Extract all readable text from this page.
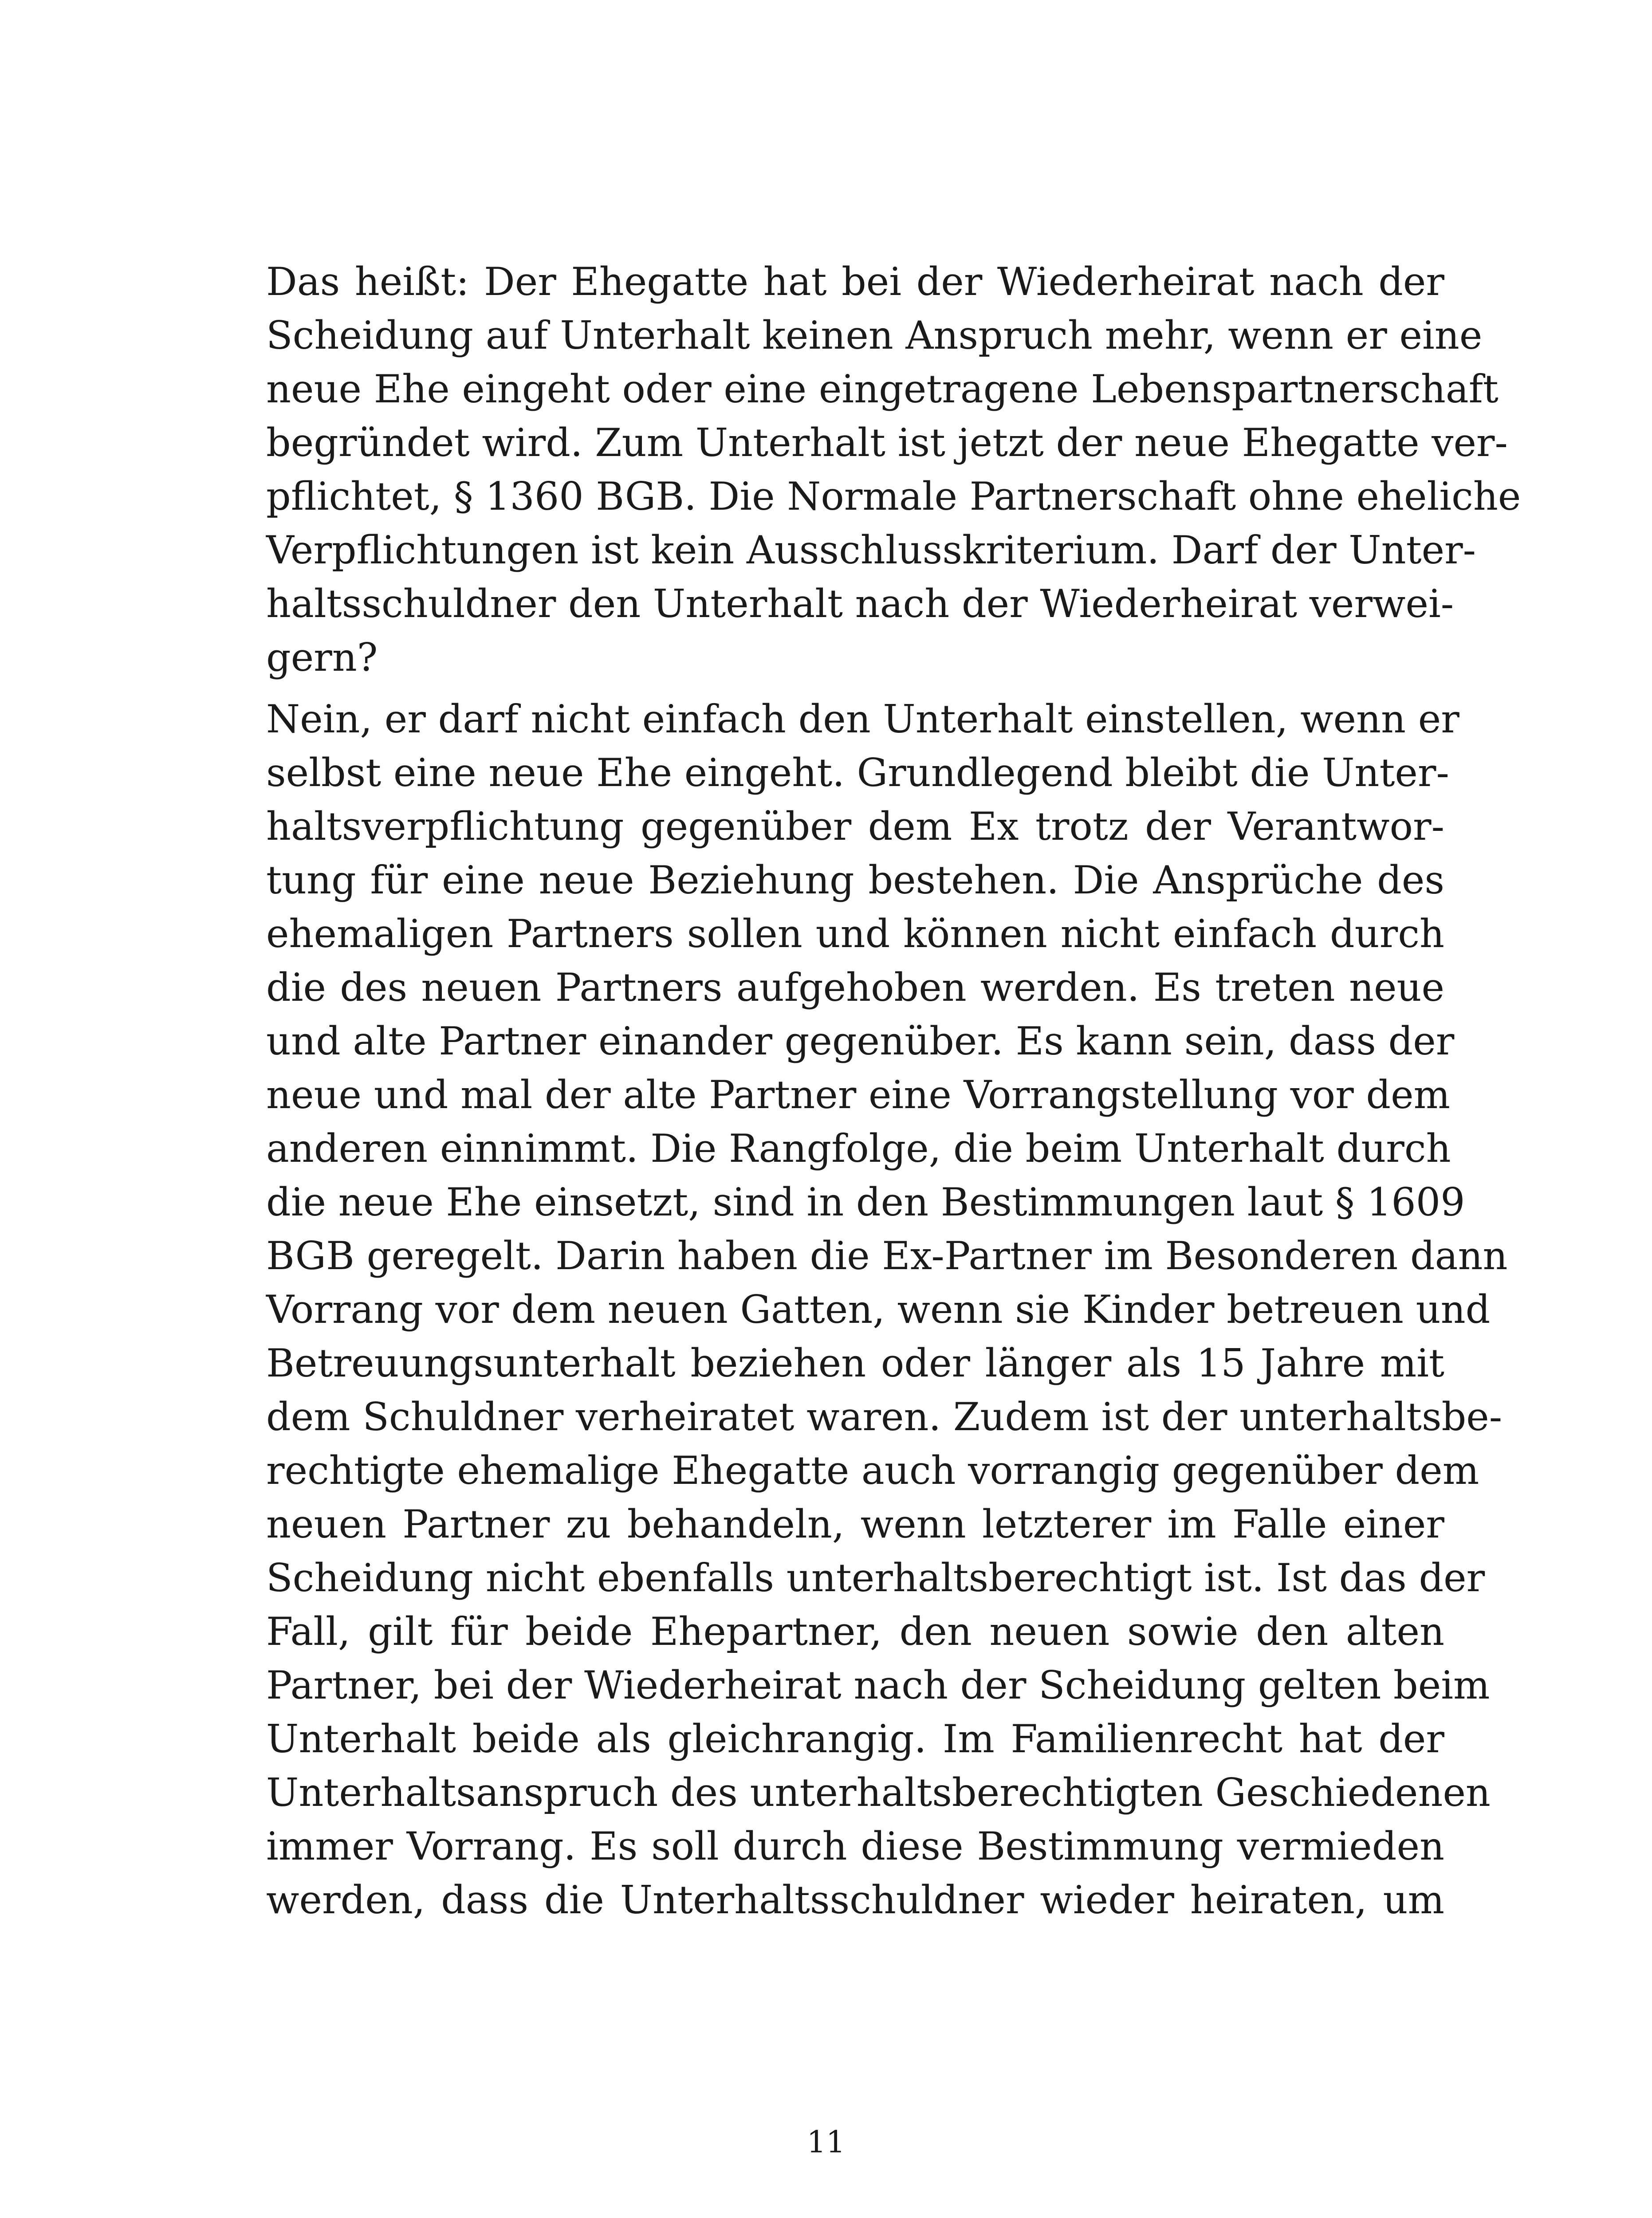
Das heißt: Der Ehegatte hat bei der Wiederheirat nach der
Scheidung auf Unterhalt keinen Anspruch mehr, wenn er eine
neue Ehe eingeht oder eine eingetragene Lebenspartnerschaft
begründet wird. Zum Unterhalt ist jetzt der neue Ehegatte ver-
pflichtet, § 1360 BGB. Die Normale Partnerschaft ohne eheliche
Verpflichtungen ist kein Ausschlusskriterium. Darf der Unter-
haltsschuldner den Unterhalt nach der Wiederheirat verwei-
gern?

Nein, er darf nicht einfach den Unterhalt einstellen, wenn er
selbst eine neue Ehe eingeht. Grundlegend bleibt die Unter-
haltsverpflichtung gegenüber dem Ex trotz der Verantwor-
tung für eine neue Beziehung bestehen. Die Ansprüche des
ehemaligen Partners sollen und können nicht einfach durch
die des neuen Partners aufgehoben werden. Es treten neue
und alte Partner einander gegenüber. Es kann sein, dass der
neue und mal der alte Partner eine Vorrangstellung vor dem
anderen einnimmt. Die Rangfolge, die beim Unterhalt durch
die neue Ehe einsetzt, sind in den Bestimmungen laut § 1609
BGB geregelt. Darin haben die Ex-Partner im Besonderen dann
Vorrang vor dem neuen Gatten, wenn sie Kinder betreuen und
Betreuungsunterhalt beziehen oder länger als 15 Jahre mit
dem Schuldner verheiratet waren. Zudem ist der unterhaltsbe-
rechtigte ehemalige Ehegatte auch vorrangig gegenüber dem
neuen Partner zu behandeln, wenn letzterer im Falle einer
Scheidung nicht ebenfalls unterhaltsberechtigt ist. Ist das der
Fall, gilt für beide Ehepartner, den neuen sowie den alten
Partner, bei der Wiederheirat nach der Scheidung gelten beim
Unterhalt beide als gleichrangig. Im Familienrecht hat der
Unterhaltsanspruch des unterhaltsberechtigten Geschiedenen
immer Vorrang. Es soll durch diese Bestimmung vermieden
werden, dass die Unterhaltsschuldner wieder heiraten, um

11
